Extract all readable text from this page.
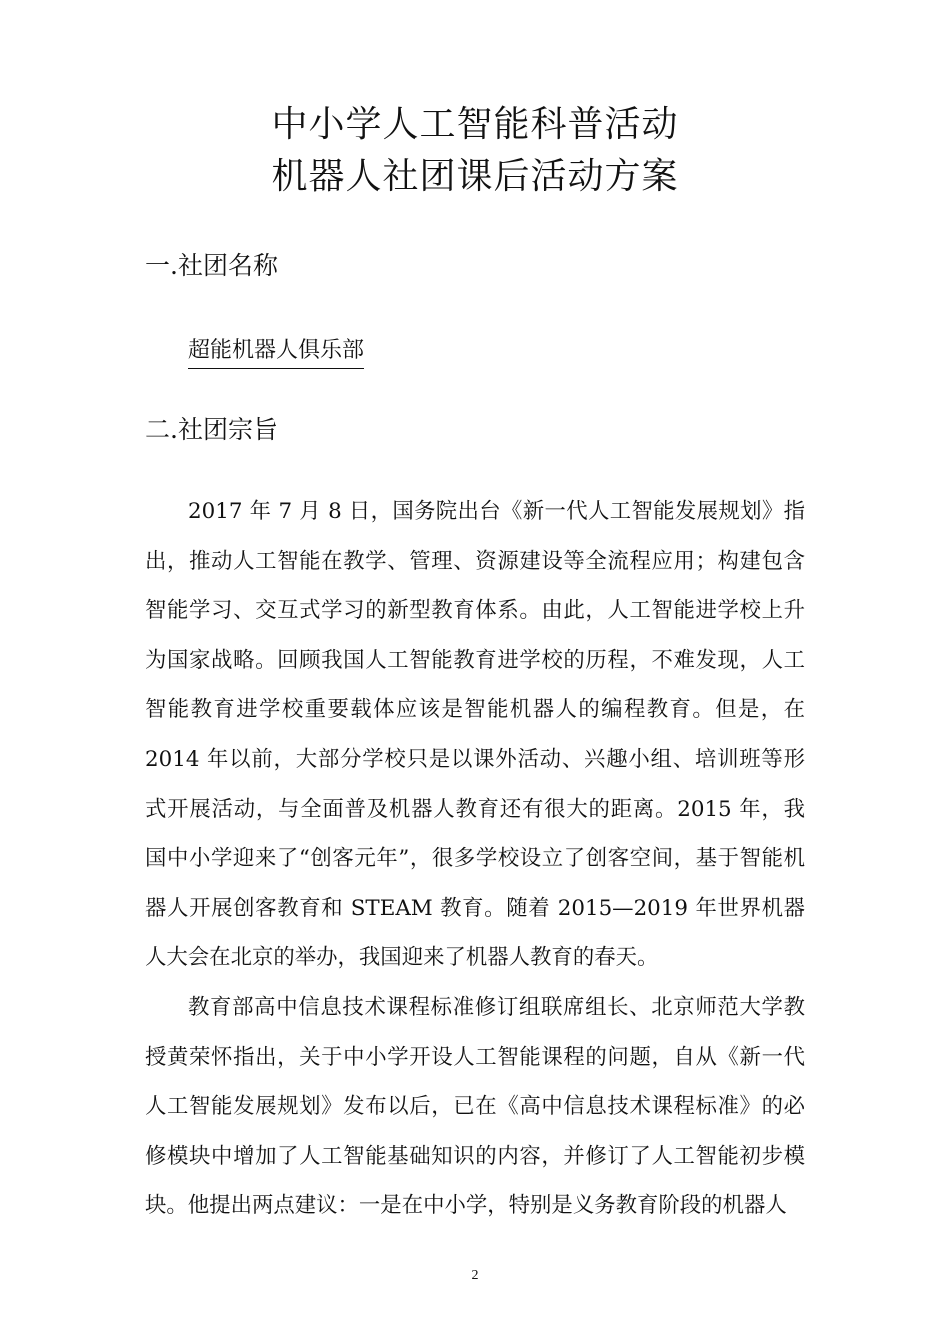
中小学人工智能科普活动
机器人社团课后活动方案
一.社团名称
超能机器人俱乐部
二.社团宗旨

2017 年 7 月 8 日，国务院出台《新一代人工智能发展规划》指出，推动人工智能在教学、管理、资源建设等全流程应用；构建包含智能学习、交互式学习的新型教育体系。由此，人工智能进学校上升为国家战略。回顾我国人工智能教育进学校的历程，不难发现，人工智能教育进学校重要载体应该是智能机器人的编程教育。但是，在 2014 年以前，大部分学校只是以课外活动、兴趣小组、培训班等形式开展活动，与全面普及机器人教育还有很大的距离。2015 年，我国中小学迎来了“创客元年”，很多学校设立了创客空间，基于智能机器人开展创客教育和 STEAM 教育。随着 2015—2019 年世界机器人大会在北京的举办，我国迎来了机器人教育的春天。

教育部高中信息技术课程标准修订组联席组长、北京师范大学教授黄荣怀指出，关于中小学开设人工智能课程的问题，自从《新一代人工智能发展规划》发布以后，已在《高中信息技术课程标准》的必修模块中增加了人工智能基础知识的内容，并修订了人工智能初步模块。他提出两点建议：一是在中小学，特别是义务教育阶段的机器人

2
